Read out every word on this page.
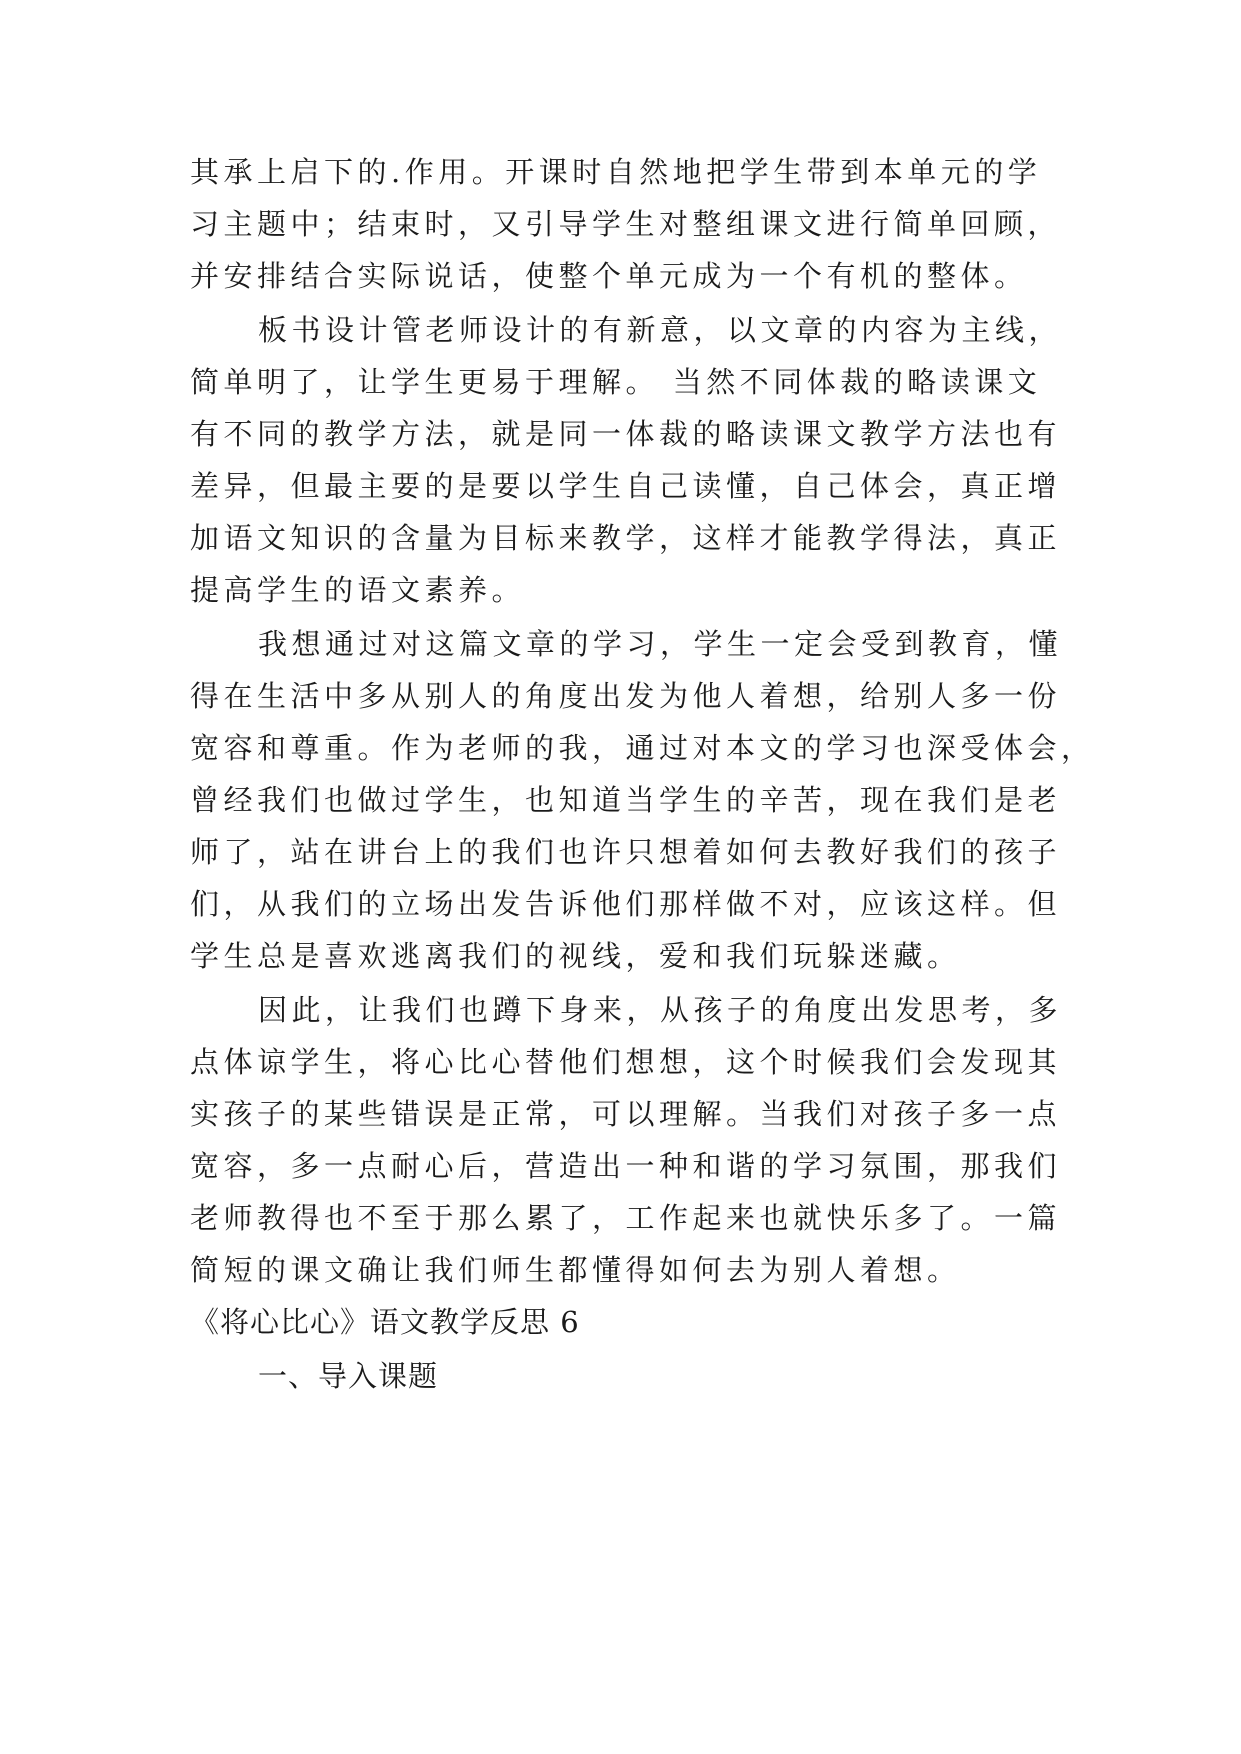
其承上启下的.作用。开课时自然地把学生带到本单元的学
习主题中；结束时，又引导学生对整组课文进行简单回顾，
并安排结合实际说话，使整个单元成为一个有机的整体。
板书设计管老师设计的有新意，以文章的内容为主线，
简单明了，让学生更易于理解。 当然不同体裁的略读课文
有不同的教学方法，就是同一体裁的略读课文教学方法也有
差异，但最主要的是要以学生自己读懂，自己体会，真正增
加语文知识的含量为目标来教学，这样才能教学得法，真正
提高学生的语文素养。
我想通过对这篇文章的学习，学生一定会受到教育，懂
得在生活中多从别人的角度出发为他人着想，给别人多一份
宽容和尊重。作为老师的我，通过对本文的学习也深受体会，
曾经我们也做过学生，也知道当学生的辛苦，现在我们是老
师了，站在讲台上的我们也许只想着如何去教好我们的孩子
们，从我们的立场出发告诉他们那样做不对，应该这样。但
学生总是喜欢逃离我们的视线，爱和我们玩躲迷藏。
因此，让我们也蹲下身来，从孩子的角度出发思考，多
点体谅学生，将心比心替他们想想，这个时候我们会发现其
实孩子的某些错误是正常，可以理解。当我们对孩子多一点
宽容，多一点耐心后，营造出一种和谐的学习氛围，那我们
老师教得也不至于那么累了，工作起来也就快乐多了。一篇
简短的课文确让我们师生都懂得如何去为别人着想。
《将心比心》语文教学反思 6
一、导入课题
